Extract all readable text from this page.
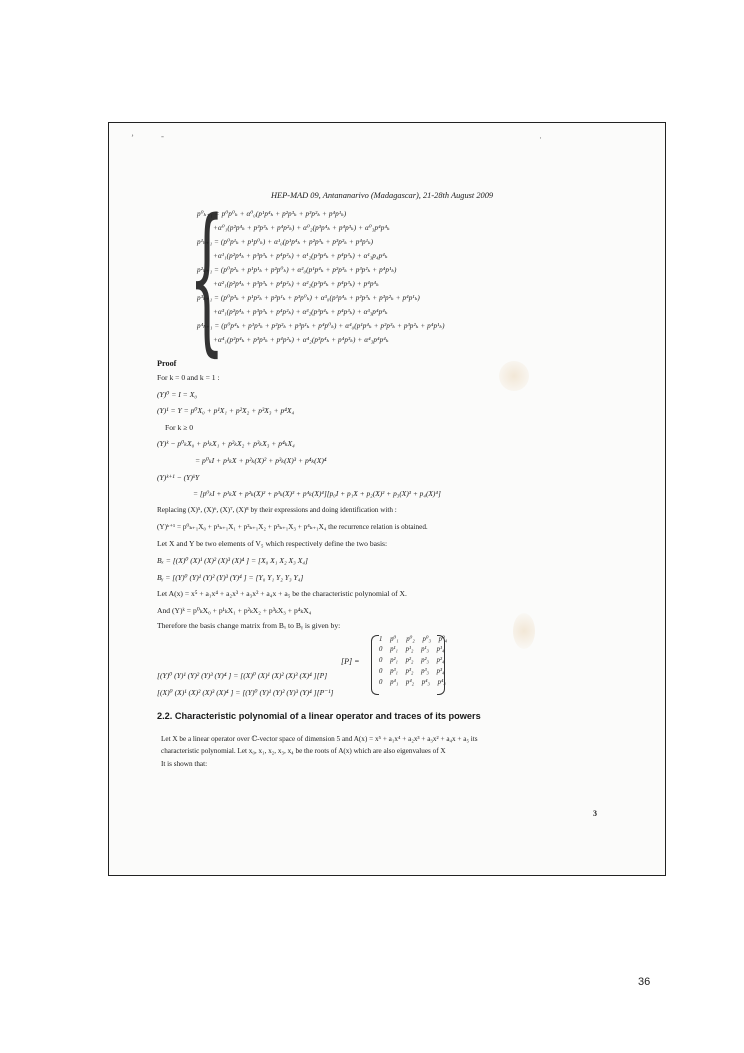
’	-	·
HEP-MAD 09, Antananarivo (Madagascar), 21-28th August 2009
{
p⁰ₖ₊₁ = p⁰p⁰ₖ + α⁰₀(p¹p⁴ₖ + p²p³ₖ + p³p²ₖ + p⁴p¹ₖ)
+α⁰₁(p²p⁴ₖ + p³p³ₖ + p⁴p²ₖ) + α⁰₂(p³p⁴ₖ + p⁴p³ₖ) + α⁰₃p⁴p⁴ₖ
p¹ₖ₊₁ = (p⁰p¹ₖ + p¹p⁰ₖ) + α¹₀(p¹p⁴ₖ + p²p³ₖ + p³p²ₖ + p⁴p¹ₖ)
+α¹₁(p²p⁴ₖ + p³p³ₖ + p⁴p²ₖ) + α¹₂(p³p⁴ₖ + p⁴p³ₖ) + α¹₃p₄p⁴ₖ
p²ₖ₊₁ = (p⁰p²ₖ + p¹p¹ₖ + p²p⁰ₖ) + α²₀(p¹p⁴ₖ + p²p³ₖ + p³p²ₖ + p⁴p¹ₖ)
+α²₁(p²p⁴ₖ + p³p³ₖ + p⁴p²ₖ) + α²₂(p³p⁴ₖ + p⁴p³ₖ) + p⁴p⁴ₖ
p³ₖ₊₁ = (p⁰p³ₖ + p¹p²ₖ + p²p¹ₖ + p³p⁰ₖ) + α³₀(p¹p⁴ₖ + p²p³ₖ + p³p²ₖ + p⁴p¹ₖ)
+α³₁(p²p⁴ₖ + p³p³ₖ + p⁴p²ₖ) + α³₂(p³p⁴ₖ + p⁴p³ₖ) + α³₃p⁴p⁴ₖ
p⁴ₖ₊₁ = (p⁰p⁴ₖ + p¹p³ₖ + p²p²ₖ + p³p¹ₖ + p⁴p⁰ₖ) + α⁴₀(p¹p⁴ₖ + p²p³ₖ + p³p²ₖ + p⁴p¹ₖ)
+α⁴₁(p²p⁴ₖ + p³p³ₖ + p⁴p²ₖ) + α⁴₂(p³p⁴ₖ + p⁴p³ₖ) + α⁴₃p⁴p⁴ₖ
Proof
For k = 0 and k = 1 :
(Y)⁰ = I = X₀
(Y)¹ = Y = p⁰X₀ + p¹X₁ + p²X₂ + p³X₃ + p⁴X₄
For k ≥ 0
(Y)ᵏ − p⁰ₖX₀ + p¹ₖX₁ + p²ₖX₂ + p³ₖX₃ + p⁴ₖX₄
= p⁰ₖI + p¹ₖX + p²ₖ(X)² + p³ₖ(X)³ + p⁴ₖ(X)⁴
(Y)ᵏ⁺¹ − (Y)ᵏY
= [p⁰ₖI + p¹ₖX + p²ₖ(X)² + p³ₖ(X)³ + p⁴ₖ(X)⁴][p₀I + p₁X + p₂(X)² + p₃(X)³ + p₄(X)⁴]
Replacing (X)⁵, (X)⁶, (X)⁷, (X)⁸ by their expressions and doing identification with :
(Y)ᵏ⁺¹ = p⁰ₖ₊₁X₀ + p¹ₖ₊₁X₁ + p²ₖ₊₁X₂ + p³ₖ₊₁X₃ + p⁴ₖ₊₁X₄ the recurrence relation is obtained.
Let X and Y be two elements of V₅ which respectively define the two basis:
Bₓ = [(X)⁰ (X)¹ (X)² (X)³ (X)⁴ ] = [X₀ X₁ X₂ X₃ X₄]
Bᵧ = [(Y)⁰ (Y)¹ (Y)² (Y)³ (Y)⁴ ] = [Y₀ Y₁ Y₂ Y₃ Y₄]
Let A(x) = x⁵ + a₁x⁴ + a₂x³ + a₃x² + a₄x + a₅ be the characteristic polynomial of X.
And (Y)ᵏ = p⁰ₖX₀ + p¹ₖX₁ + p²ₖX₂ + p³ₖX₃ + p⁴ₖX₄
Therefore the basis change matrix from Bₓ to Bᵧ is given by:
[P] =
1 p⁰₁ p⁰₂ p⁰₃ p⁰₄
0 p¹₁ p¹₂ p¹₃ p¹₄
0 p²₁ p²₂ p²₃ p²₄
0 p³₁ p³₂ p³₃ p³₄
0 p⁴₁ p⁴₂ p⁴₃ p⁴₄
[(Y)⁰ (Y)¹ (Y)² (Y)³ (Y)⁴ ] = [(X)⁰ (X)¹ (X)² (X)³ (X)⁴ ][P]
[(X)⁰ (X)¹ (X)² (X)³ (X)⁴ ] = [(Y)⁰ (Y)¹ (Y)² (Y)³ (Y)⁴ ][P⁻¹]
2.2. Characteristic polynomial of a linear operator and traces of its powers
Let X be a linear operator over ℂ-vector space of dimension 5 and A(x) = x⁵ + a₁x⁴ + a₂x³ + a₃x² + a₄x + a₅ its
characteristic polynomial. Let x₀, x₁, x₂, x₃, x₄ be the roots of A(x) which are also eigenvalues of X
It is shown that:
3
36
